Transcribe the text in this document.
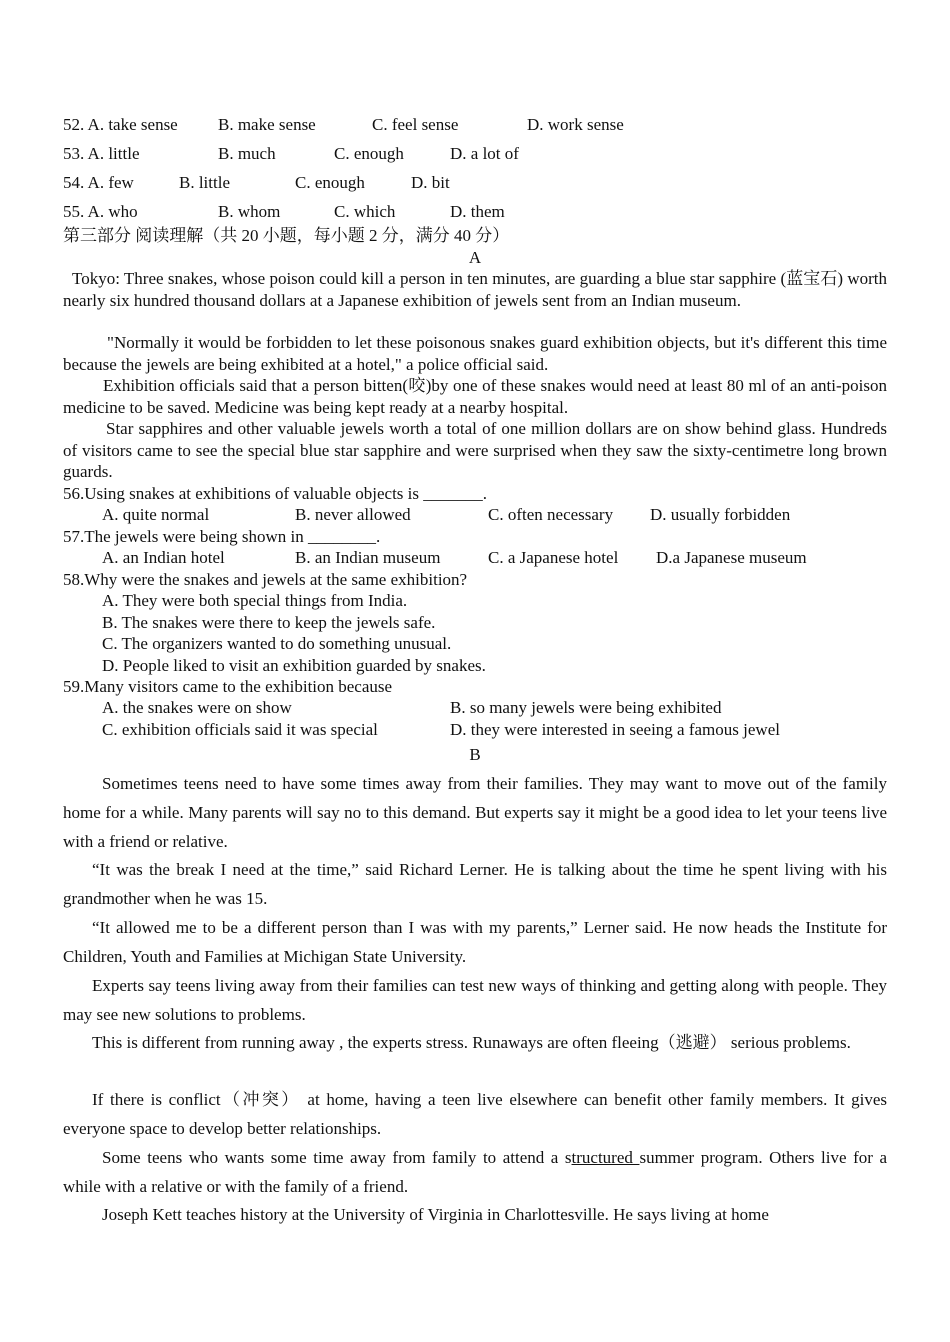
52. A. take sense B. make sense	C. feel sense	D. work sense
53. A. little	B. much	C. enough	D. a lot of
54. A. few	B. little	C. enough	D. bit
55. A. who	B. whom	C. which	D. them
第三部分 阅读理解（共 20 小题，每小题 2 分，满分 40 分）
A
Tokyo: Three snakes, whose poison could kill a person in ten minutes, are guarding a blue star sapphire (蓝宝石) worth nearly six hundred thousand dollars at a Japanese exhibition of jewels sent from an Indian museum.
"Normally it would be forbidden to let these poisonous snakes guard exhibition objects, but it's different this time because the jewels are being exhibited at a hotel," a police official said.
Exhibition officials said that a person bitten(咬)by one of these snakes would need at least 80 ml of an anti-poison medicine to be saved. Medicine was being kept ready at a nearby hospital.
Star sapphires and other valuable jewels worth a total of one million dollars are on show behind glass. Hundreds of visitors came to see the special blue star sapphire and were surprised when they saw the sixty-centimetre long brown guards.
56.Using snakes at exhibitions of valuable objects is _______.
A. quite normal	B. never allowed	C. often necessary D. usually forbidden
57.The jewels were being shown in ________.
A. an Indian hotel	B. an Indian museum	C. a Japanese hotel D.a Japanese museum
58.Why were the snakes and jewels at the same exhibition?
A. They were both special things from India.
B. The snakes were there to keep the jewels safe.
C. The organizers wanted to do something unusual.
D. People liked to visit an exhibition guarded by snakes.
59.Many visitors came to the exhibition because
A. the snakes were on show	B. so many jewels were being exhibited
C. exhibition officials said it was special	D. they were interested in seeing a famous jewel
B
Sometimes teens need to have some times away from their families. They may want to move out of the family home for a while. Many parents will say no to this demand. But experts say it might be a good idea to let your teens live with a friend or relative.
“It was the break I need at the time,” said Richard Lerner. He is talking about the time he spent living with his grandmother when he was 15.
“It allowed me to be a different person than I was with my parents,” Lerner said. He now heads the Institute for Children, Youth and Families at Michigan State University.
Experts say teens living away from their families can test new ways of thinking and getting along with people. They may see new solutions to problems.
This is different from running away , the experts stress. Runaways are often fleeing（逃避） serious problems.
If there is conflict（冲突） at home, having a teen live elsewhere can benefit other family members. It gives everyone space to develop better relationships.
Some teens who wants some time away from family to attend a structured summer program. Others live for a while with a relative or with the family of a friend.
Joseph Kett teaches history at the University of Virginia in Charlottesville. He says living at home
